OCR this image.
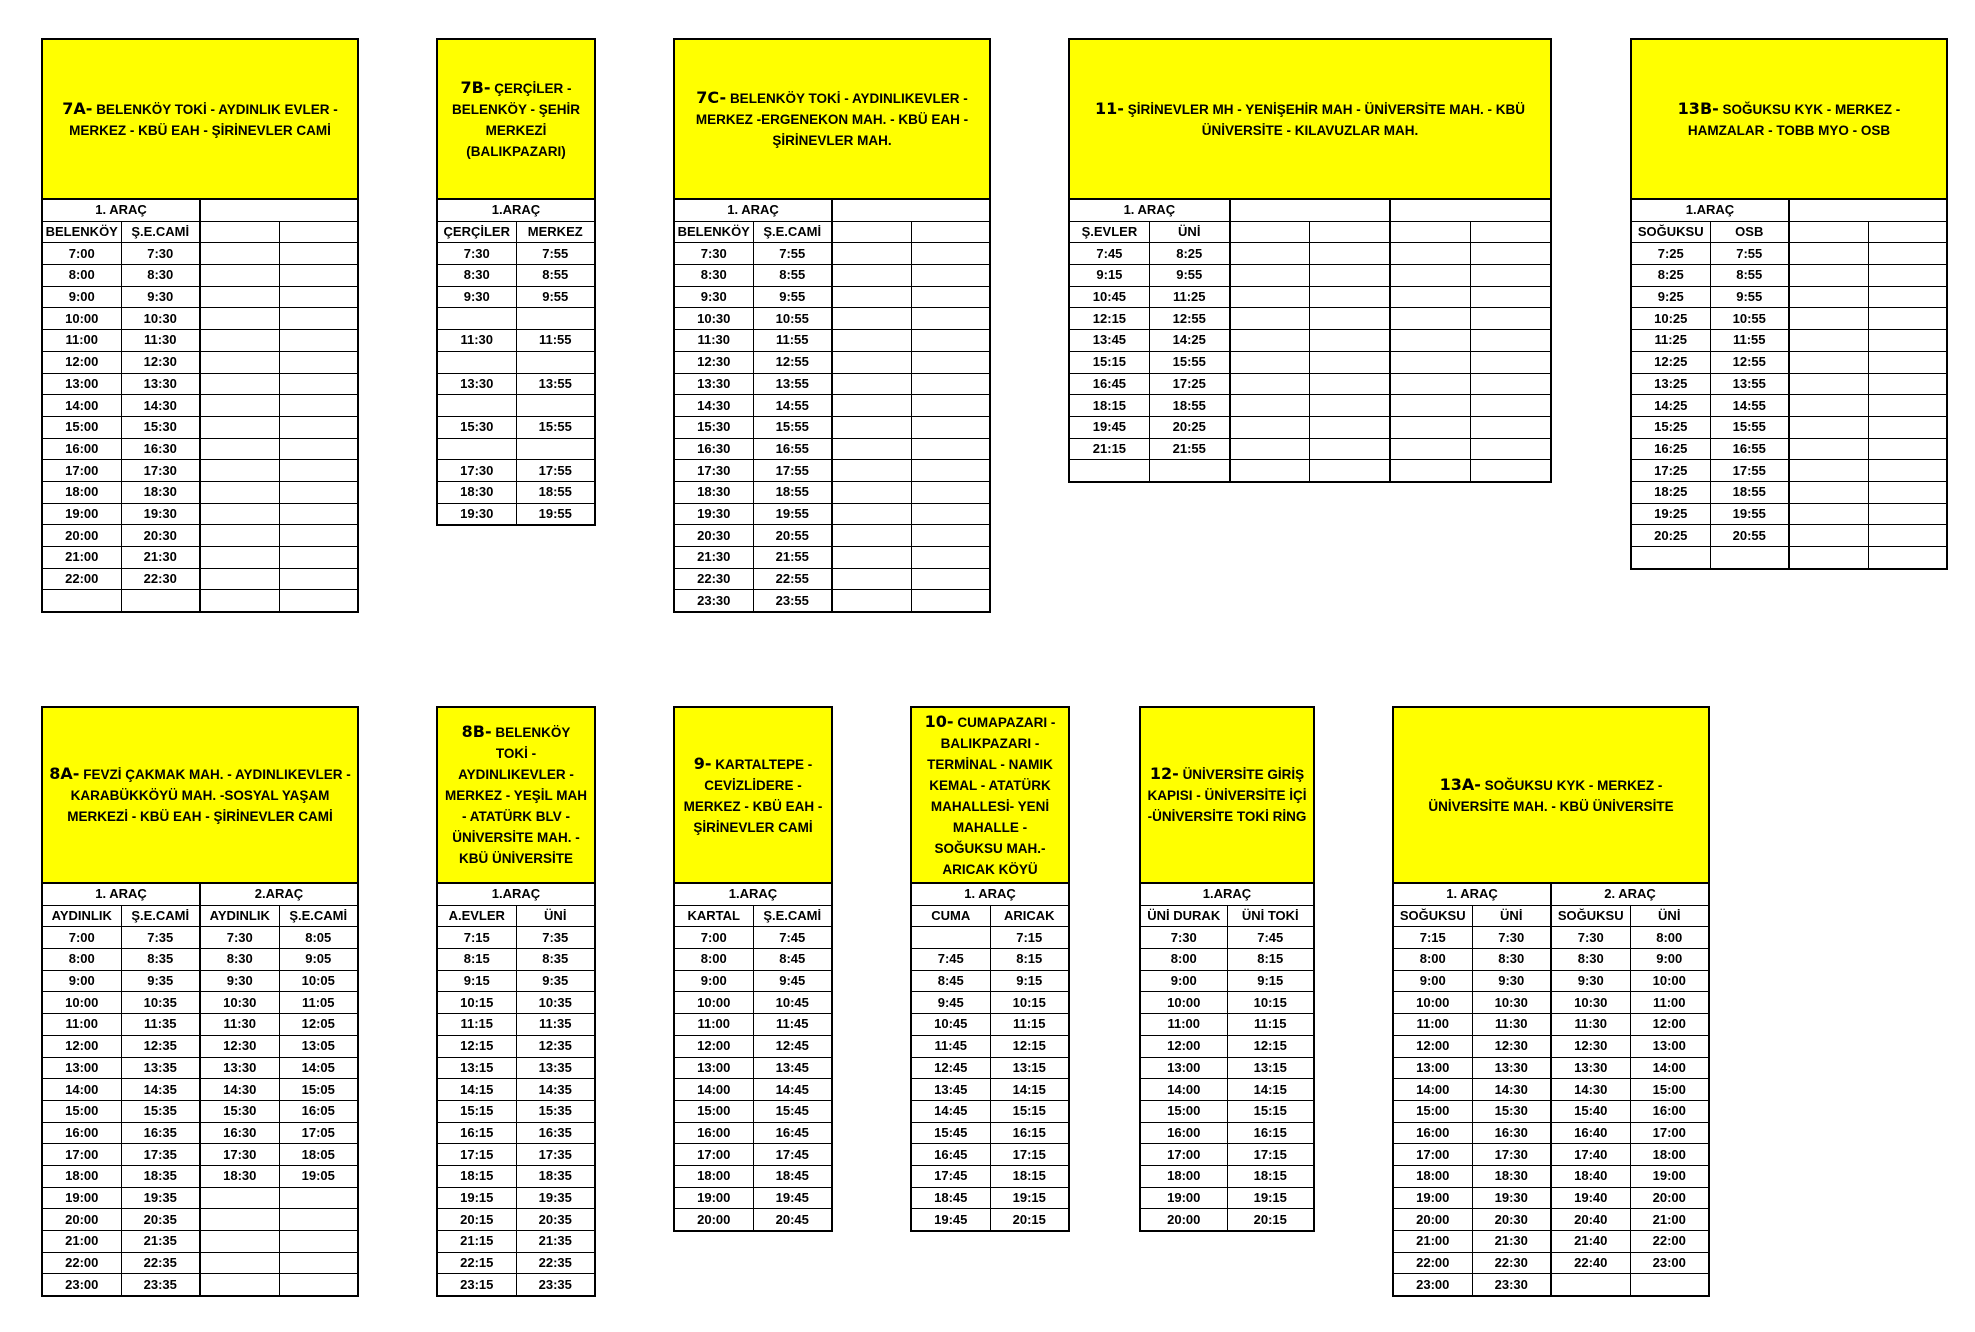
7A- BELENKÖY TOKİ - AYDINLIK EVLER - MERKEZ - KBÜ EAH - ŞİRİNEVLER CAMİ
1. ARAÇ			
BELENKÖY	Ş.E.CAMİ		
7:00	7:30		
8:00	8:30		
9:00	9:30		
10:00	10:30		
11:00	11:30		
12:00	12:30		
13:00	13:30		
14:00	14:30		
15:00	15:30		
16:00	16:30		
17:00	17:30		
18:00	18:30		
19:00	19:30		
20:00	20:30		
21:00	21:30		
22:00	22:30		

7B- ÇERÇİLER - BELENKÖY - ŞEHİR MERKEZİ (BALIKPAZARI)
1.ARAÇ	
ÇERÇİLER	MERKEZ
7:30	7:55
8:30	8:55
9:30	9:55

11:30	11:55

13:30	13:55

15:30	15:55

17:30	17:55
18:30	18:55
19:30	19:55
7C- BELENKÖY TOKİ - AYDINLIKEVLER - MERKEZ -ERGENEKON MAH. - KBÜ EAH - ŞİRİNEVLER MAH.
1. ARAÇ			
BELENKÖY	Ş.E.CAMİ		
7:30	7:55		
8:30	8:55		
9:30	9:55		
10:30	10:55		
11:30	11:55		
12:30	12:55		
13:30	13:55		
14:30	14:55		
15:30	15:55		
16:30	16:55		
17:30	17:55		
18:30	18:55		
19:30	19:55		
20:30	20:55		
21:30	21:55		
22:30	22:55		
23:30	23:55		
11- ŞİRİNEVLER MH - YENİŞEHİR MAH - ÜNİVERSİTE MAH. - KBÜ ÜNİVERSİTE - KILAVUZLAR MAH.
1. ARAÇ					
Ş.EVLER	ÜNİ				
7:45	8:25				
9:15	9:55				
10:45	11:25				
12:15	12:55				
13:45	14:25				
15:15	15:55				
16:45	17:25				
18:15	18:55				
19:45	20:25				
21:15	21:55				

13B- SOĞUKSU KYK - MERKEZ - HAMZALAR - TOBB MYO - OSB
1.ARAÇ			
SOĞUKSU	OSB		
7:25	7:55		
8:25	8:55		
9:25	9:55		
10:25	10:55		
11:25	11:55		
12:25	12:55		
13:25	13:55		
14:25	14:55		
15:25	15:55		
16:25	16:55		
17:25	17:55		
18:25	18:55		
19:25	19:55		
20:25	20:55		

8A- FEVZİ ÇAKMAK MAH. - AYDINLIKEVLER - KARABÜKKÖYÜ MAH. -SOSYAL YAŞAM MERKEZİ - KBÜ EAH - ŞİRİNEVLER CAMİ
1. ARAÇ		2.ARAÇ	
AYDINLIK	Ş.E.CAMİ	AYDINLIK	Ş.E.CAMİ
7:00	7:35	7:30	8:05
8:00	8:35	8:30	9:05
9:00	9:35	9:30	10:05
10:00	10:35	10:30	11:05
11:00	11:35	11:30	12:05
12:00	12:35	12:30	13:05
13:00	13:35	13:30	14:05
14:00	14:35	14:30	15:05
15:00	15:35	15:30	16:05
16:00	16:35	16:30	17:05
17:00	17:35	17:30	18:05
18:00	18:35	18:30	19:05
19:00	19:35		
20:00	20:35		
21:00	21:35		
22:00	22:35		
23:00	23:35		
8B- BELENKÖY TOKİ -AYDINLIKEVLER - MERKEZ - YEŞİL MAH - ATATÜRK BLV - ÜNİVERSİTE MAH. - KBÜ ÜNİVERSİTE
1.ARAÇ	
A.EVLER	ÜNİ
7:15	7:35
8:15	8:35
9:15	9:35
10:15	10:35
11:15	11:35
12:15	12:35
13:15	13:35
14:15	14:35
15:15	15:35
16:15	16:35
17:15	17:35
18:15	18:35
19:15	19:35
20:15	20:35
21:15	21:35
22:15	22:35
23:15	23:35
9- KARTALTEPE - CEVİZLİDERE - MERKEZ - KBÜ EAH - ŞİRİNEVLER CAMİ
1.ARAÇ	
KARTAL	Ş.E.CAMİ
7:00	7:45
8:00	8:45
9:00	9:45
10:00	10:45
11:00	11:45
12:00	12:45
13:00	13:45
14:00	14:45
15:00	15:45
16:00	16:45
17:00	17:45
18:00	18:45
19:00	19:45
20:00	20:45
10- CUMAPAZARI - BALIKPAZARI - TERMİNAL - NAMIK KEMAL - ATATÜRK MAHALLESİ- YENİ MAHALLE - SOĞUKSU MAH.- ARICAK KÖYÜ
1. ARAÇ	
CUMA	ARICAK
	7:15
7:45	8:15
8:45	9:15
9:45	10:15
10:45	11:15
11:45	12:15
12:45	13:15
13:45	14:15
14:45	15:15
15:45	16:15
16:45	17:15
17:45	18:15
18:45	19:15
19:45	20:15
12- ÜNİVERSİTE GİRİŞ KAPISI - ÜNİVERSİTE İÇİ -ÜNİVERSİTE TOKİ RİNG
1.ARAÇ	
ÜNİ DURAK	ÜNİ TOKİ
7:30	7:45
8:00	8:15
9:00	9:15
10:00	10:15
11:00	11:15
12:00	12:15
13:00	13:15
14:00	14:15
15:00	15:15
16:00	16:15
17:00	17:15
18:00	18:15
19:00	19:15
20:00	20:15
13A- SOĞUKSU KYK - MERKEZ - ÜNİVERSİTE MAH. - KBÜ ÜNİVERSİTE
1. ARAÇ		2. ARAÇ	
SOĞUKSU	ÜNİ	SOĞUKSU	ÜNİ
7:15	7:30	7:30	8:00
8:00	8:30	8:30	9:00
9:00	9:30	9:30	10:00
10:00	10:30	10:30	11:00
11:00	11:30	11:30	12:00
12:00	12:30	12:30	13:00
13:00	13:30	13:30	14:00
14:00	14:30	14:30	15:00
15:00	15:30	15:40	16:00
16:00	16:30	16:40	17:00
17:00	17:30	17:40	18:00
18:00	18:30	18:40	19:00
19:00	19:30	19:40	20:00
20:00	20:30	20:40	21:00
21:00	21:30	21:40	22:00
22:00	22:30	22:40	23:00
23:00	23:30		
